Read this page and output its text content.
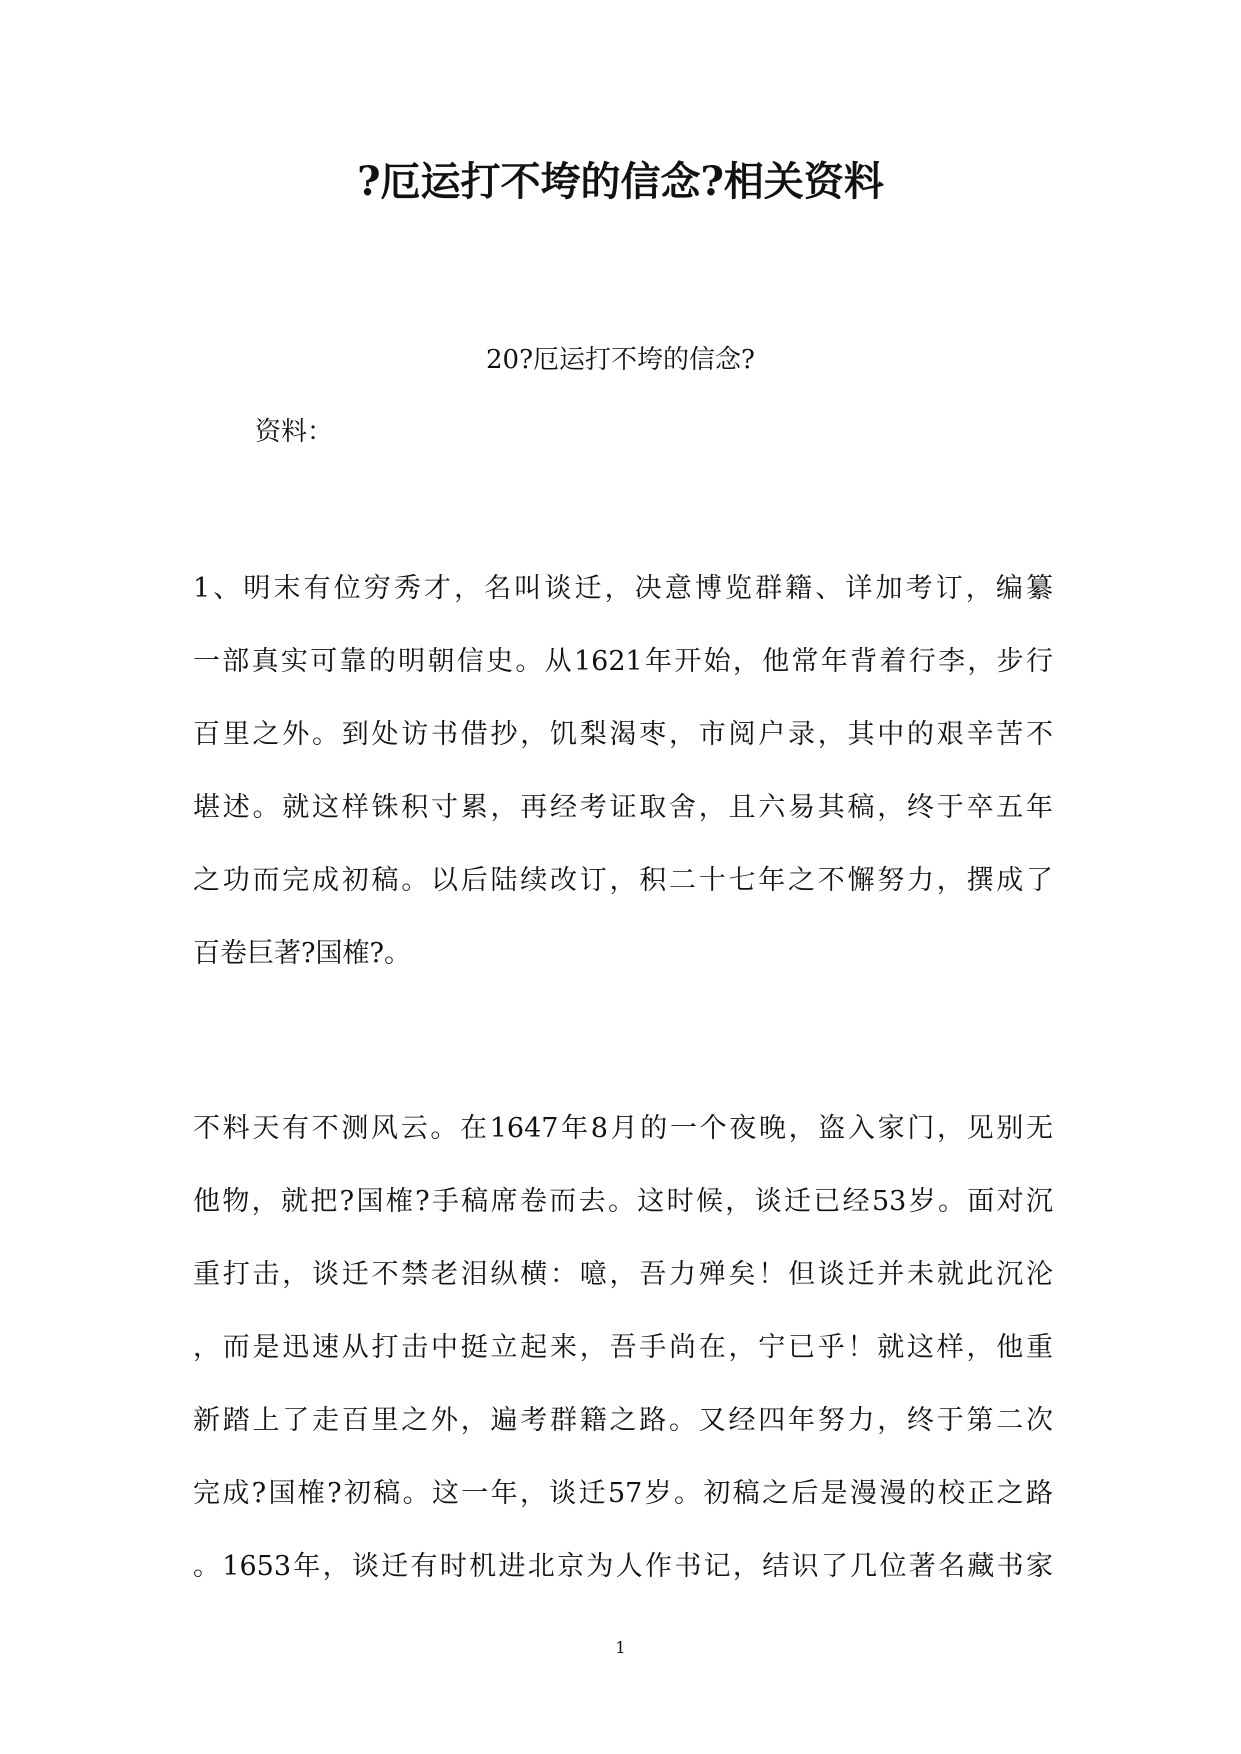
?厄运打不垮的信念?相关资料

20?厄运打不垮的信念?

资料：

1、明末有位穷秀才，名叫谈迁，决意博览群籍、详加考订，编纂
一部真实可靠的明朝信史。从1621年开始，他常年背着行李，步行
百里之外。到处访书借抄，饥梨渴枣，市阅户录，其中的艰辛苦不
堪述。就这样铢积寸累，再经考证取舍，且六易其稿，终于卒五年
之功而完成初稿。以后陆续改订，积二十七年之不懈努力，撰成了
百卷巨著?国榷?。
不料天有不测风云。在1647年8月的一个夜晚，盗入家门，见别无
他物，就把?国榷?手稿席卷而去。这时候，谈迁已经53岁。面对沉
重打击，谈迁不禁老泪纵横：噫，吾力殚矣！但谈迁并未就此沉沦
，而是迅速从打击中挺立起来，吾手尚在，宁已乎！就这样，他重
新踏上了走百里之外，遍考群籍之路。又经四年努力，终于第二次
完成?国榷?初稿。这一年，谈迁57岁。初稿之后是漫漫的校正之路
。1653年，谈迁有时机进北京为人作书记，结识了几位著名藏书家

1
